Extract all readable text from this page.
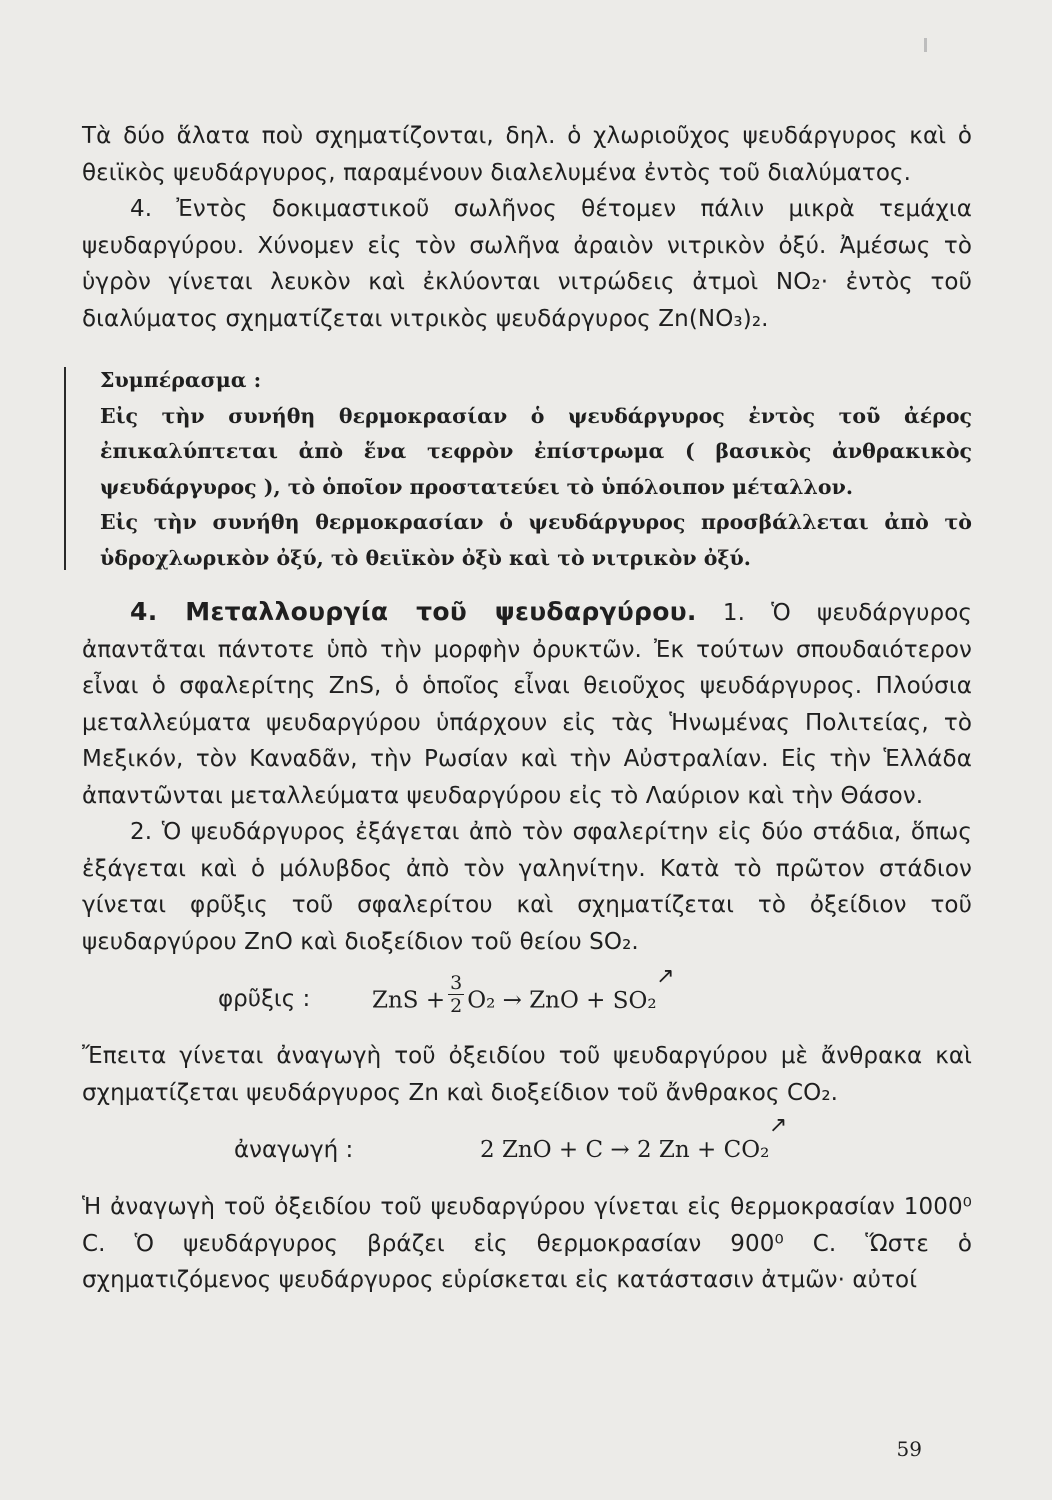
Τὰ δύο ἅλατα ποὺ σχηματίζονται, δηλ. ὁ χλωριοῦχος ψευδάργυρος καὶ ὁ θειϊκὸς ψευδάργυρος, παραμένουν διαλελυμένα ἐντὸς τοῦ διαλύματος.

4. Ἐντὸς δοκιμαστικοῦ σωλῆνος θέτομεν πάλιν μικρὰ τεμάχια ψευδαργύρου. Χύνομεν εἰς τὸν σωλῆνα ἀραιὸν νιτρικὸν ὀξύ. Ἀμέσως τὸ ὑγρὸν γίνεται λευκὸν καὶ ἐκλύονται νιτρώδεις ἀτμοὶ NO₂· ἐντὸς τοῦ διαλύματος σχηματίζεται νιτρικὸς ψευδάργυρος Zn(NO₃)₂.

Συμπέρασμα :

Εἰς τὴν συνήθη θερμοκρασίαν ὁ ψευδάργυρος ἐντὸς τοῦ ἀέρος ἐπικαλύπτεται ἀπὸ ἕνα τεφρὸν ἐπίστρωμα ( βασικὸς ἀνθρακικὸς ψευδάργυρος ), τὸ ὁποῖον προστατεύει τὸ ὑπόλοιπον μέταλλον.

Εἰς τὴν συνήθη θερμοκρασίαν ὁ ψευδάργυρος προσβάλλεται ἀπὸ τὸ ὑδροχλωρικὸν ὀξύ, τὸ θειϊκὸν ὀξὺ καὶ τὸ νιτρικὸν ὀξύ.

4. Μεταλλουργία τοῦ ψευδαργύρου. 1. Ὁ ψευδάργυρος ἀπαντᾶται πάντοτε ὑπὸ τὴν μορφὴν ὀρυκτῶν. Ἐκ τούτων σπουδαιότερον εἶναι ὁ σφαλερίτης ZnS, ὁ ὁποῖος εἶναι θειοῦχος ψευδάργυρος. Πλούσια μεταλλεύματα ψευδαργύρου ὑπάρχουν εἰς τὰς Ἡνωμένας Πολιτείας, τὸ Μεξικόν, τὸν Καναδᾶν, τὴν Ρωσίαν καὶ τὴν Αὐστραλίαν. Εἰς τὴν Ἑλλάδα ἀπαντῶνται μεταλλεύματα ψευδαργύρου εἰς τὸ Λαύριον καὶ τὴν Θάσον.

2. Ὁ ψευδάργυρος ἐξάγεται ἀπὸ τὸν σφαλερίτην εἰς δύο στάδια, ὅπως ἐξάγεται καὶ ὁ μόλυβδος ἀπὸ τὸν γαληνίτην. Κατὰ τὸ πρῶτον στάδιον γίνεται φρῦξις τοῦ σφαλερίτου καὶ σχηματίζεται τὸ ὀξείδιον τοῦ ψευδαργύρου ZnO καὶ διοξείδιον τοῦ θείου SO₂.

φρῦξις :	ZnS + $\frac{3}{2} O_2$ → ZnO + SO₂
↗

Ἔπειτα γίνεται ἀναγωγὴ τοῦ ὀξειδίου τοῦ ψευδαργύρου μὲ ἄνθρακα καὶ σχηματίζεται ψευδάργυρος Zn καὶ διοξείδιον τοῦ ἄνθρακος CO₂.

ἀναγωγή :	2 ZnO + C → 2 Zn + CO₂
↗

Ἡ ἀναγωγὴ τοῦ ὀξειδίου τοῦ ψευδαργύρου γίνεται εἰς θερμοκρασίαν 1000⁰ C. Ὁ ψευδάργυρος βράζει εἰς θερμοκρασίαν 900⁰ C. Ὥστε ὁ σχηματιζόμενος ψευδάργυρος εὑρίσκεται εἰς κατάστασιν ἀτμῶν· αὐτοί

59
